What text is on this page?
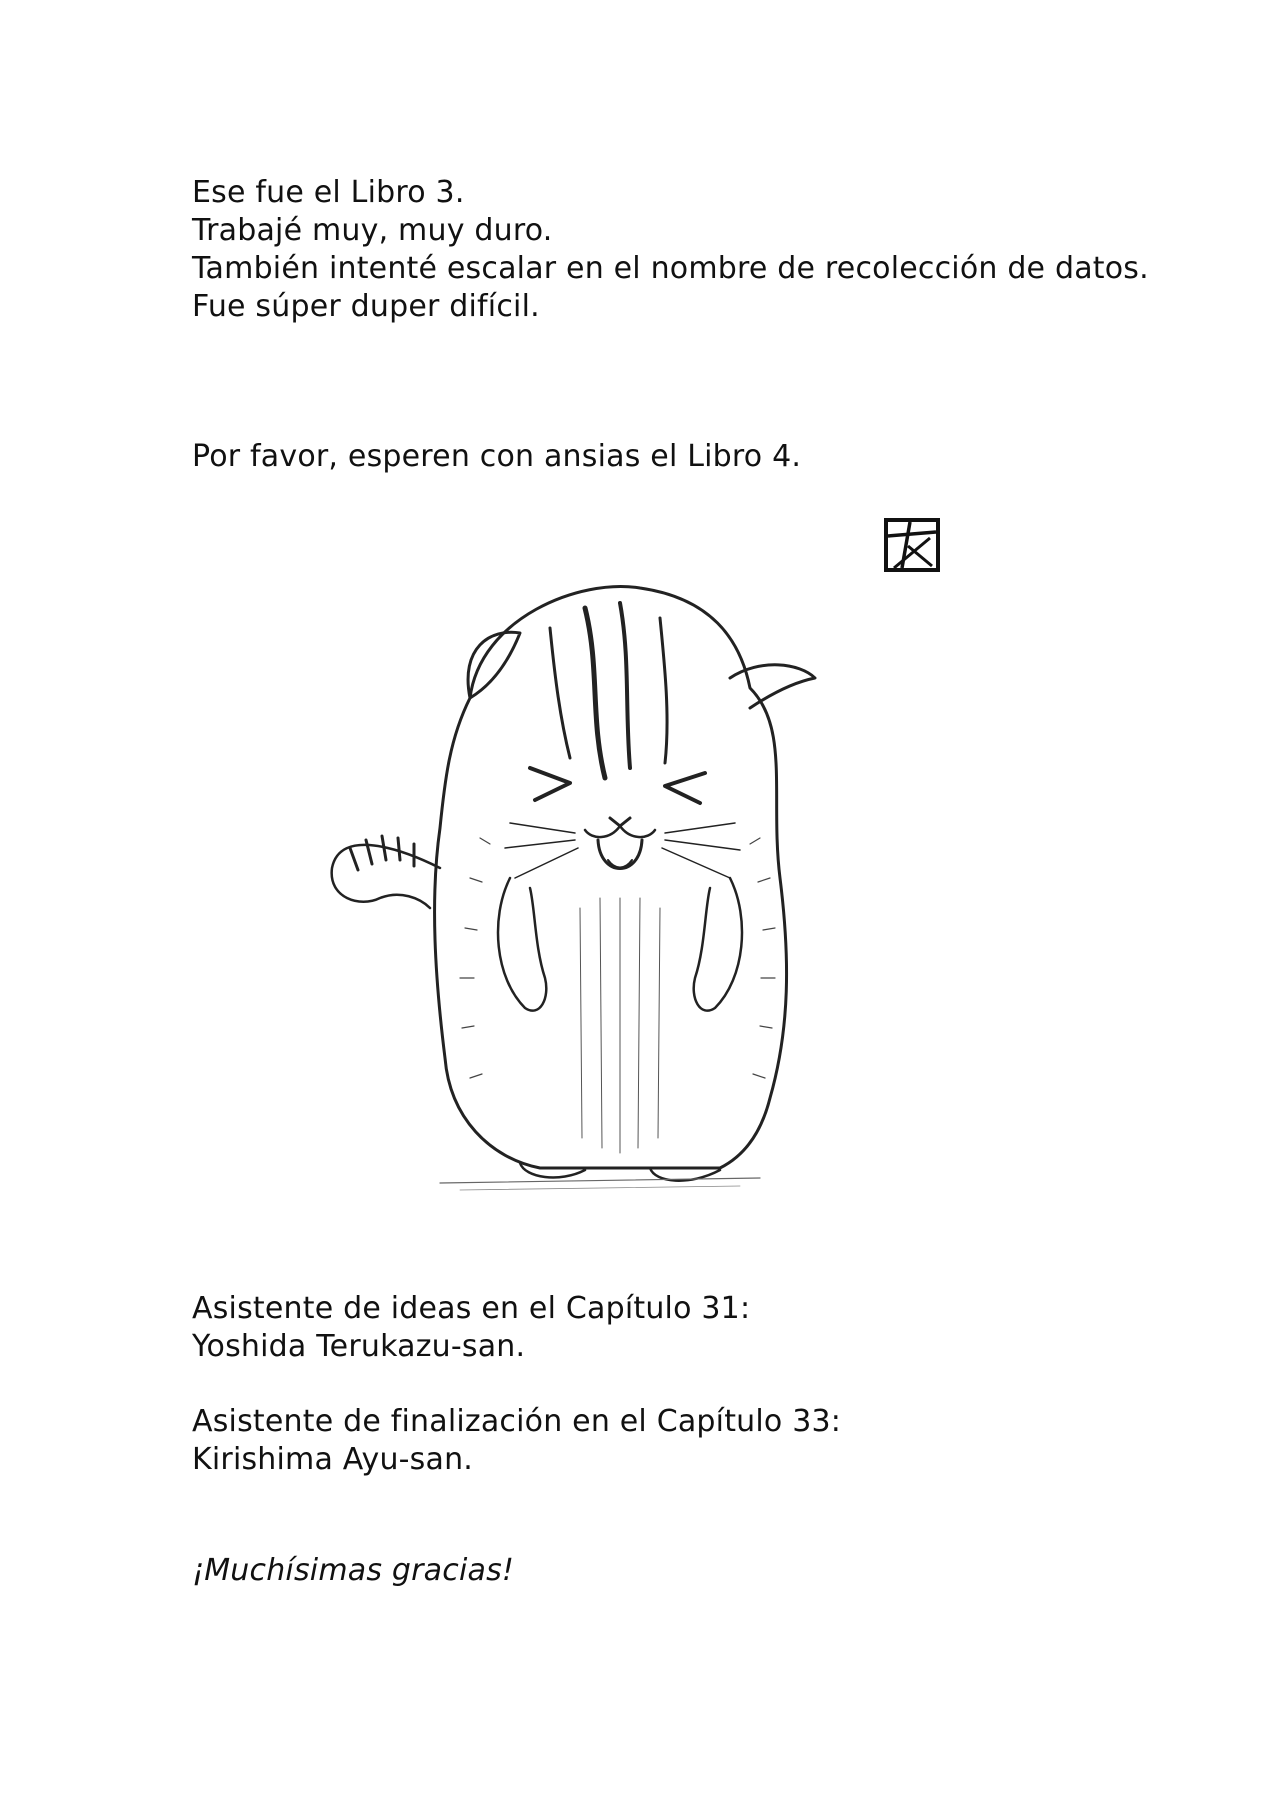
Ese fue el Libro 3.

Trabajé muy, muy duro.

También intenté escalar en el nombre de recolección de datos.

Fue súper duper difícil.

Por favor, esperen con ansias el Libro 4.

Asistente de ideas en el Capítulo 31:

Yoshida Terukazu-san.

Asistente de finalización en el Capítulo 33:

Kirishima Ayu-san.

¡Muchísimas gracias!
